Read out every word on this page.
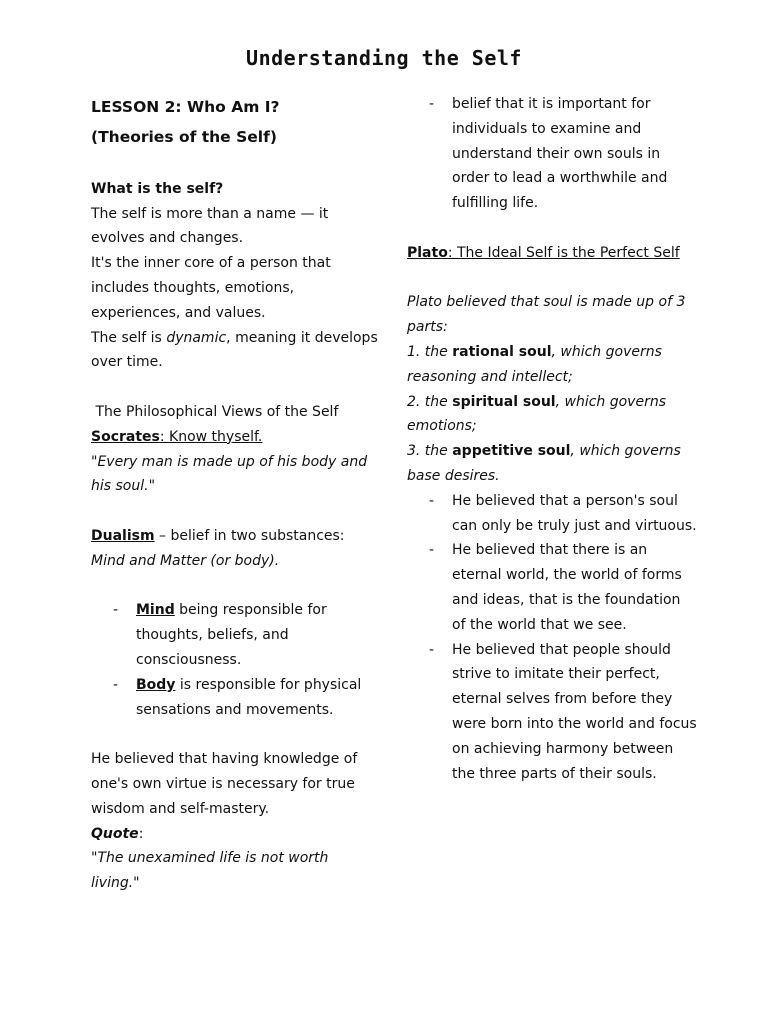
Understanding the Self
LESSON 2: Who Am I?
(Theories of the Self)

What is the self?

The self is more than a name — it evolves and changes.

It's the inner core of a person that includes thoughts, emotions, experiences, and values.

The self is dynamic, meaning it develops over time.

The Philosophical Views of the Self

Socrates: Know thyself.

"Every man is made up of his body and his soul."

Dualism – belief in two substances:

Mind and Matter (or body).

- Mind being responsible for thoughts, beliefs, and consciousness.
- Body is responsible for physical sensations and movements.

He believed that having knowledge of one's own virtue is necessary for true wisdom and self-mastery.

Quote:

"The unexamined life is not worth living."

- belief that it is important for individuals to examine and understand their own souls in order to lead a worthwhile and fulfilling life.

Plato: The Ideal Self is the Perfect Self

Plato believed that soul is made up of 3 parts:

1. the rational soul, which governs reasoning and intellect;

2. the spiritual soul, which governs emotions;

3. the appetitive soul, which governs base desires.

- He believed that a person's soul can only be truly just and virtuous.
- He believed that there is an eternal world, the world of forms and ideas, that is the foundation of the world that we see.
- He believed that people should strive to imitate their perfect, eternal selves from before they were born into the world and focus on achieving harmony between the three parts of their souls.
